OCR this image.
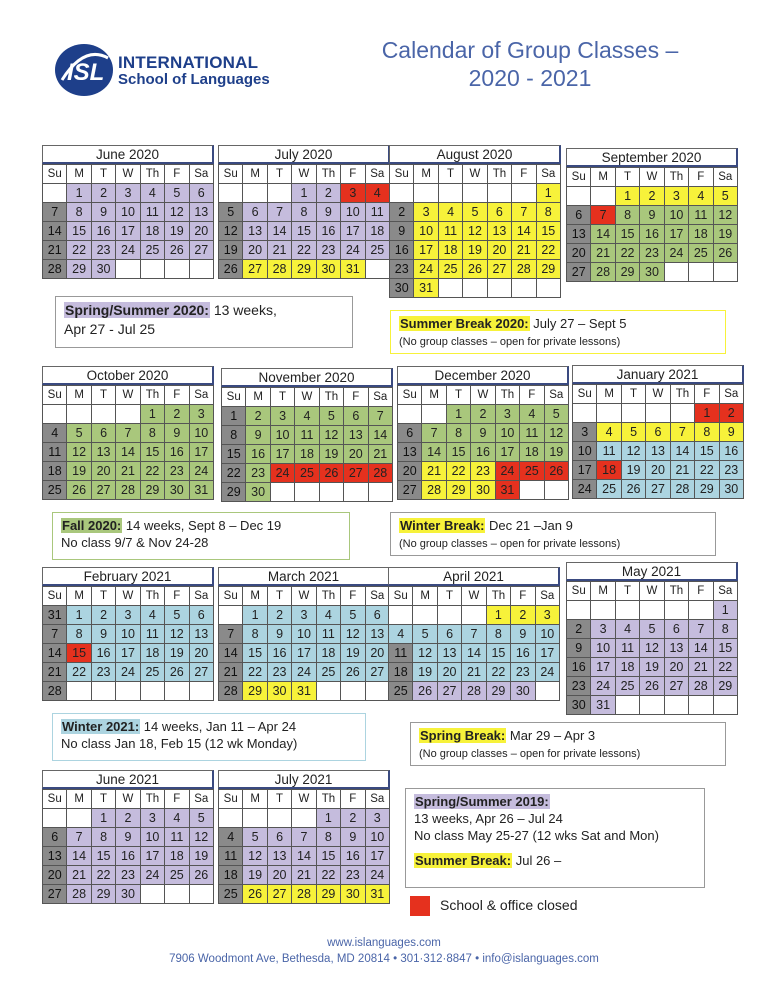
ISL INTERNATIONAL
School of Languages
Calendar of Group Classes –
2020 - 2021
June 2020
Su	M	T	W	Th	F	Sa
	1	2	3	4	5	6
7	8	9	10	11	12	13
14	15	16	17	18	19	20
21	22	23	24	25	26	27
28	29	30				
July 2020
Su	M	T	W	Th	F	Sa
			1	2	3	4
5	6	7	8	9	10	11
12	13	14	15	16	17	18
19	20	21	22	23	24	25
26	27	28	29	30	31	
August 2020
Su	M	T	W	Th	F	Sa
						1
2	3	4	5	6	7	8
9	10	11	12	13	14	15
16	17	18	19	20	21	22
23	24	25	26	27	28	29
30	31					
September 2020
Su	M	T	W	Th	F	Sa
		1	2	3	4	5
6	7	8	9	10	11	12
13	14	15	16	17	18	19
20	21	22	23	24	25	26
27	28	29	30			
October 2020
Su	M	T	W	Th	F	Sa
				1	2	3
4	5	6	7	8	9	10
11	12	13	14	15	16	17
18	19	20	21	22	23	24
25	26	27	28	29	30	31
November 2020
Su	M	T	W	Th	F	Sa
1	2	3	4	5	6	7
8	9	10	11	12	13	14
15	16	17	18	19	20	21
22	23	24	25	26	27	28
29	30					
December 2020
Su	M	T	W	Th	F	Sa
		1	2	3	4	5
6	7	8	9	10	11	12
13	14	15	16	17	18	19
20	21	22	23	24	25	26
27	28	29	30	31		
January 2021
Su	M	T	W	Th	F	Sa
					1	2
3	4	5	6	7	8	9
10	11	12	13	14	15	16
17	18	19	20	21	22	23
24	25	26	27	28	29	30
February 2021
Su	M	T	W	Th	F	Sa
31	1	2	3	4	5	6
7	8	9	10	11	12	13
14	15	16	17	18	19	20
21	22	23	24	25	26	27
28						
March 2021
Su	M	T	W	Th	F	Sa
	1	2	3	4	5	6
7	8	9	10	11	12	13
14	15	16	17	18	19	20
21	22	23	24	25	26	27
28	29	30	31			
April 2021
Su	M	T	W	Th	F	Sa
				1	2	3
4	5	6	7	8	9	10
11	12	13	14	15	16	17
18	19	20	21	22	23	24
25	26	27	28	29	30	
May 2021
Su	M	T	W	Th	F	Sa
						1
2	3	4	5	6	7	8
9	10	11	12	13	14	15
16	17	18	19	20	21	22
23	24	25	26	27	28	29
30	31					
June 2021
Su	M	T	W	Th	F	Sa
		1	2	3	4	5
6	7	8	9	10	11	12
13	14	15	16	17	18	19
20	21	22	23	24	25	26
27	28	29	30			
July 2021
Su	M	T	W	Th	F	Sa
				1	2	3
4	5	6	7	8	9	10
11	12	13	14	15	16	17
18	19	20	21	22	23	24
25	26	27	28	29	30	31
Spring/Summer 2020: 13 weeks,
Apr 27 - Jul 25	Summer Break 2020: July 27 – Sept 5
(No group classes – open for private lessons)
Fall 2020: 14 weeks, Sept 8 – Dec 19
No class 9/7 & Nov 24-28
Winter Break: Dec 21 –Jan 9
(No group classes – open for private lessons)
Winter 2021: 14 weeks, Jan 11 – Apr 24
No class Jan 18, Feb 15 (12 wk Monday)
Spring Break: Mar 29 – Apr 3
(No group classes – open for private lessons)
Spring/Summer 2019:
13 weeks, Apr 26 – Jul 24
No class May 25-27 (12 wks Sat and Mon)

Summer Break: Jul 26 –
School & office closed
www.islanguages.com
7906 Woodmont Ave, Bethesda, MD 20814 • 301·312·8847 • info@islanguages.com
